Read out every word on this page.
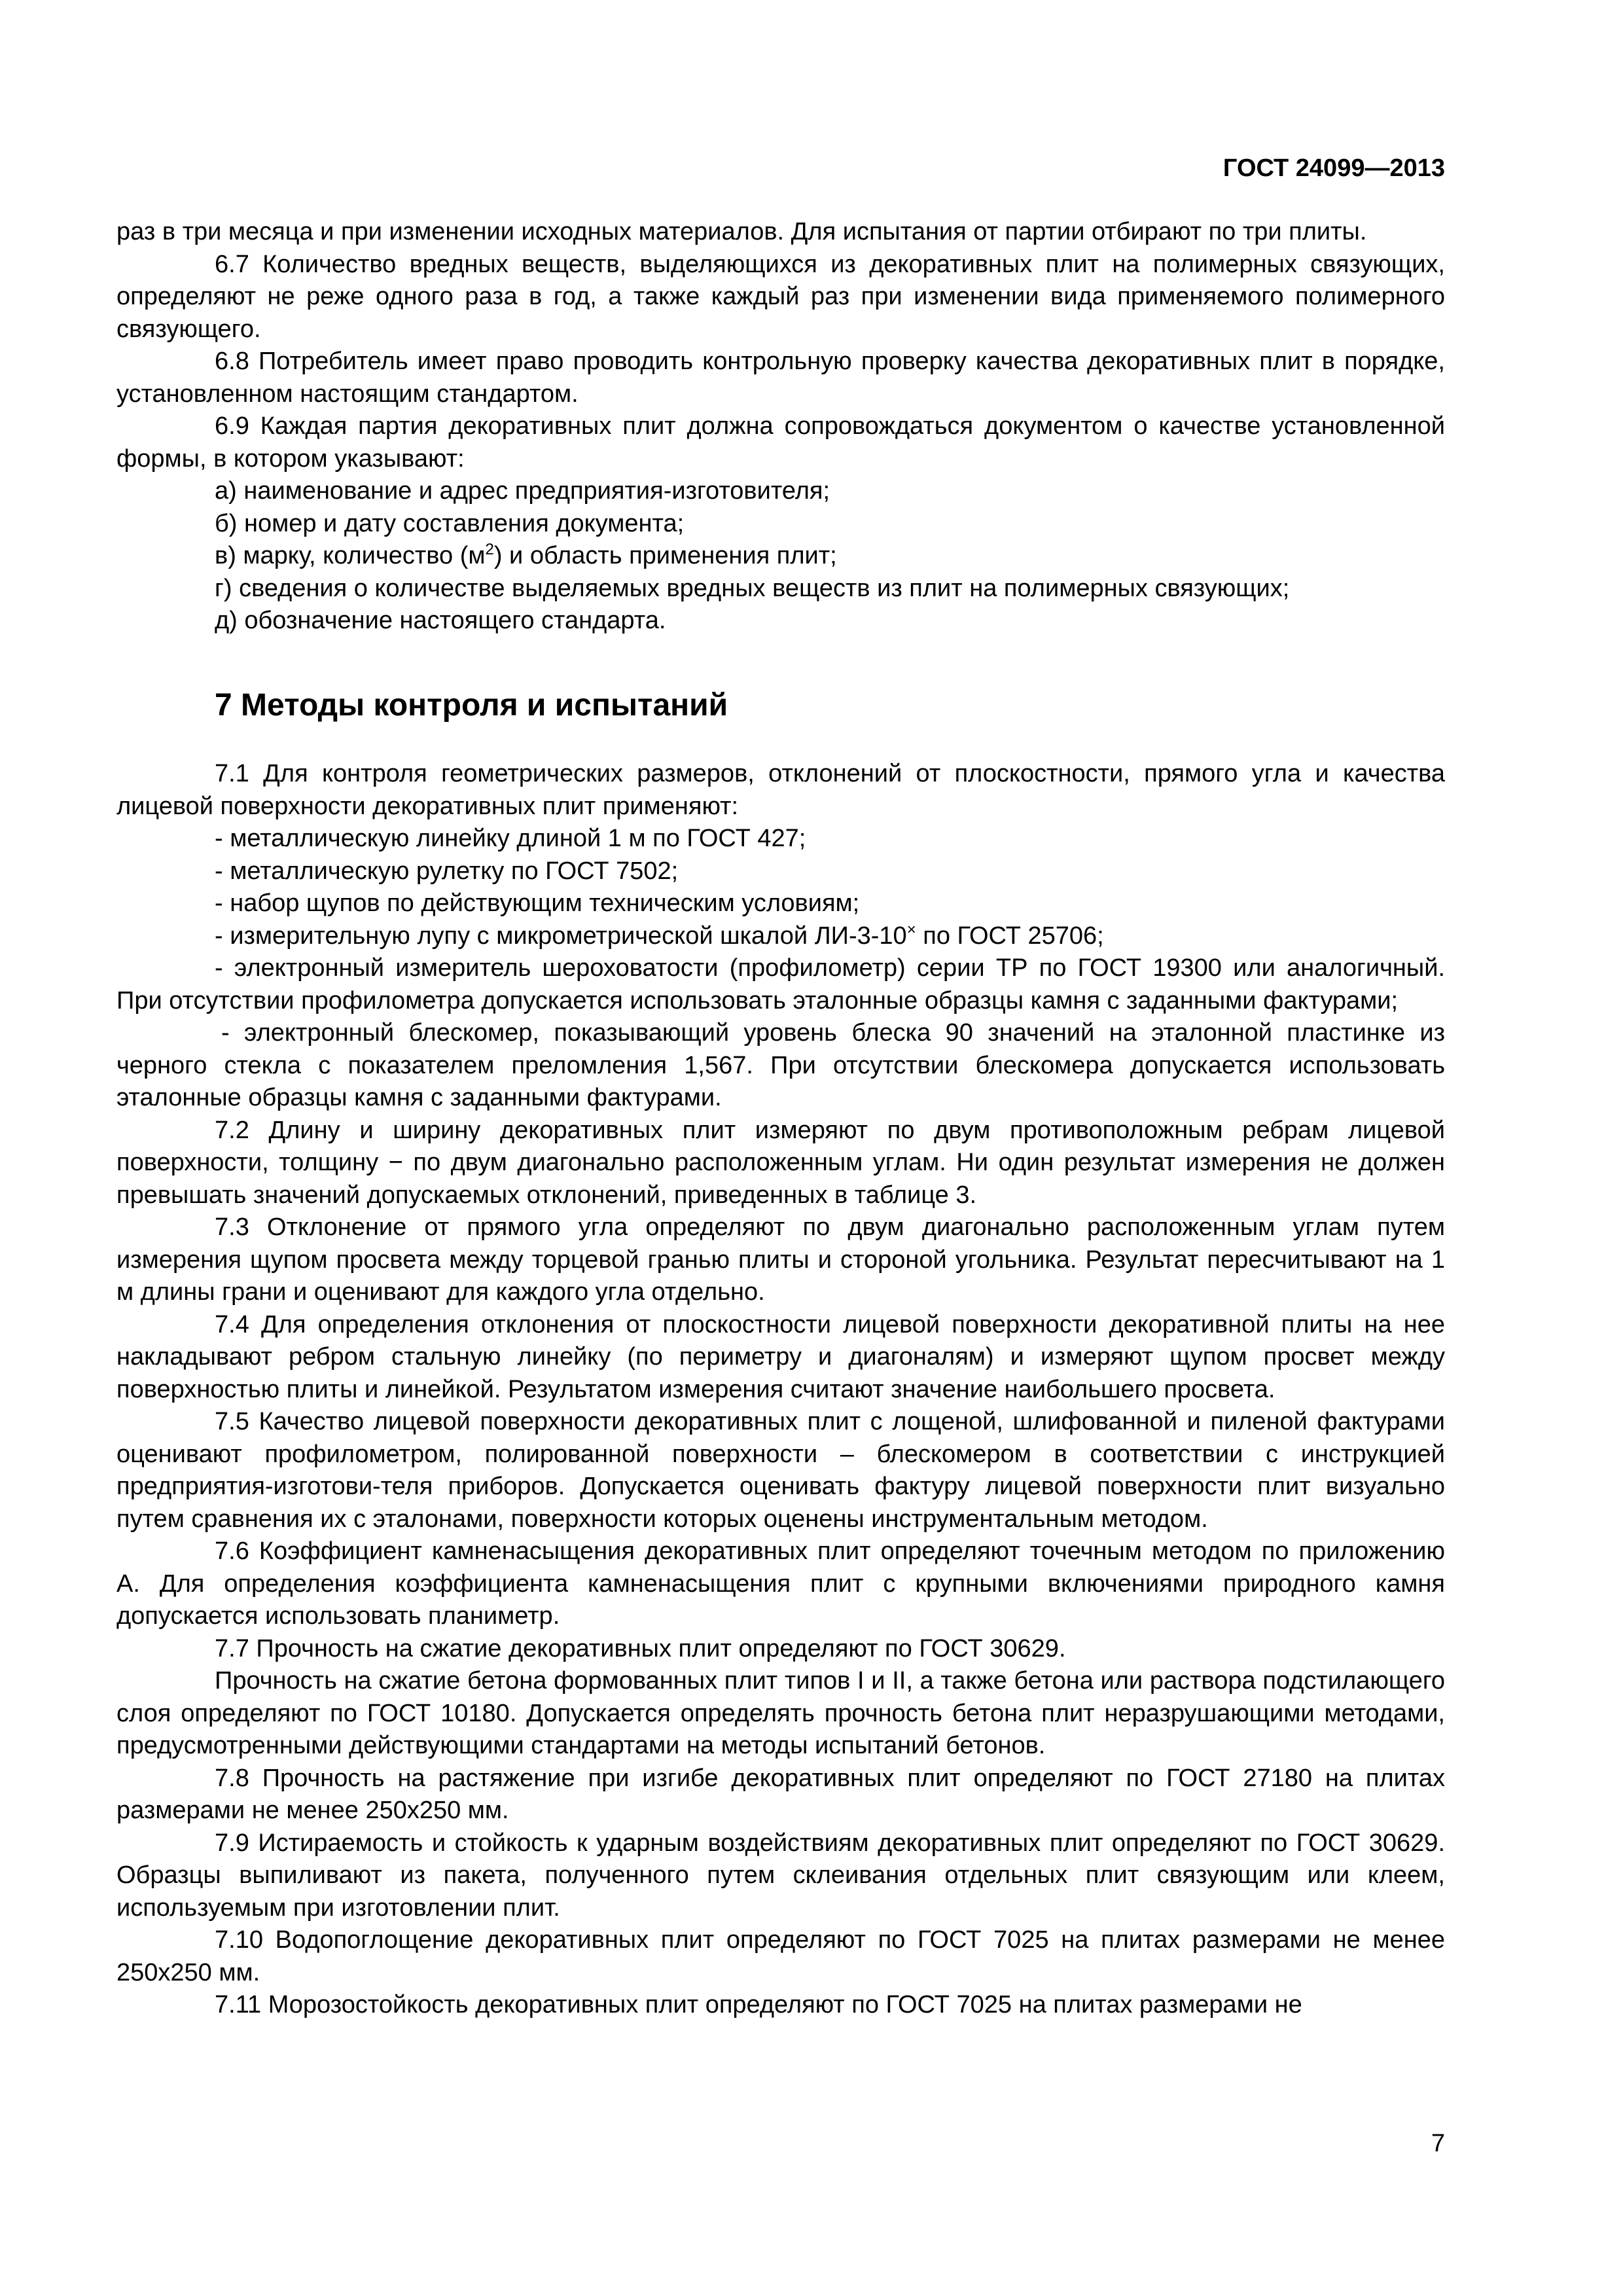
ГОСТ 24099—2013

раз в три месяца и при изменении исходных материалов. Для испытания от партии отбирают по три плиты.

6.7 Количество вредных веществ, выделяющихся из декоративных плит на полимерных связующих, определяют не реже одного раза в год, а также каждый раз при изменении вида применяемого полимерного связующего.

6.8 Потребитель имеет право проводить контрольную проверку качества декоративных плит в порядке, установленном настоящим стандартом.

6.9 Каждая партия декоративных плит должна сопровождаться документом о качестве установленной формы, в котором указывают:

а) наименование и адрес предприятия-изготовителя;

б) номер и дату составления документа;

в) марку, количество $(м^2)$ и область применения плит;

г) сведения о количестве выделяемых вредных веществ из плит на полимерных связующих;

д) обозначение настоящего стандарта.

7 Методы контроля и испытаний

7.1 Для контроля геометрических размеров, отклонений от плоскостности, прямого угла и качества лицевой поверхности декоративных плит применяют:

- металлическую линейку длиной 1 м по ГОСТ 427;

- металлическую рулетку по ГОСТ 7502;

- набор щупов по действующим техническим условиям;

- измерительную лупу с микрометрической шкалой ЛИ-3-10× по ГОСТ 25706;

- электронный измеритель шероховатости (профилометр) серии ТР по ГОСТ 19300 или аналогичный. При отсутствии профилометра допускается использовать эталонные образцы камня с заданными фактурами;

- электронный блескомер, показывающий уровень блеска 90 значений на эталонной пластинке из черного стекла с показателем преломления 1,567. При отсутствии блескомера допускается использовать эталонные образцы камня с заданными фактурами.

7.2 Длину и ширину декоративных плит измеряют по двум противоположным ребрам лицевой поверхности, толщину − по двум диагонально расположенным углам. Ни один результат измерения не должен превышать значений допускаемых отклонений, приведенных в таблице 3.

7.3 Отклонение от прямого угла определяют по двум диагонально расположенным углам путем измерения щупом просвета между торцевой гранью плиты и стороной угольника. Результат пересчитывают на 1 м длины грани и оценивают для каждого угла отдельно.

7.4 Для определения отклонения от плоскостности лицевой поверхности декоративной плиты на нее накладывают ребром стальную линейку (по периметру и диагоналям) и измеряют щупом просвет между поверхностью плиты и линейкой. Результатом измерения считают значение наибольшего просвета.

7.5 Качество лицевой поверхности декоративных плит с лощеной, шлифованной и пиленой фактурами оценивают профилометром, полированной поверхности – блескомером в соответствии с инструкцией предприятия-изготови-теля приборов. Допускается оценивать фактуру лицевой поверхности плит визуально путем сравнения их с эталонами, поверхности которых оценены инструментальным методом.

7.6 Коэффициент камненасыщения декоративных плит определяют точечным методом по приложению А. Для определения коэффициента камненасыщения плит с крупными включениями природного камня допускается использовать планиметр.

7.7 Прочность на сжатие декоративных плит определяют по ГОСТ 30629.

Прочность на сжатие бетона формованных плит типов I и II, а также бетона или раствора подстилающего слоя определяют по ГОСТ 10180. Допускается определять прочность бетона плит неразрушающими методами, предусмотренными действующими стандартами на методы испытаний бетонов.

7.8 Прочность на растяжение при изгибе декоративных плит определяют по ГОСТ 27180 на плитах размерами не менее 250х250 мм.

7.9 Истираемость и стойкость к ударным воздействиям декоративных плит определяют по ГОСТ 30629. Образцы выпиливают из пакета, полученного путем склеивания отдельных плит связующим или клеем, используемым при изготовлении плит.

7.10 Водопоглощение декоративных плит определяют по ГОСТ 7025 на плитах размерами не менее 250х250 мм.

7.11 Морозостойкость декоративных плит определяют по ГОСТ 7025 на плитах размерами не

7
